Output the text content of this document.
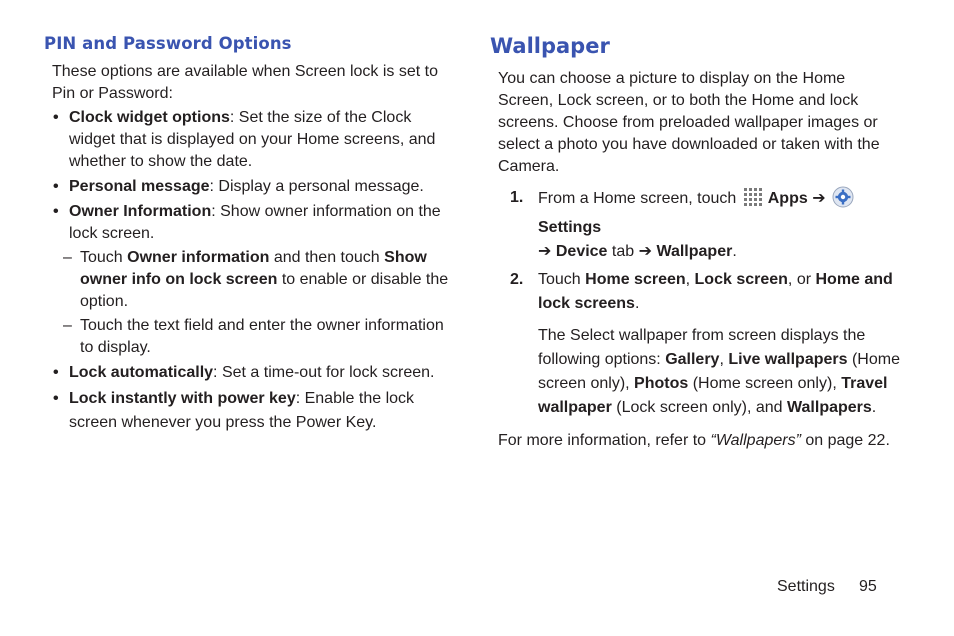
PIN and Password Options
These options are available when Screen lock is set to Pin or Password:
• Clock widget options: Set the size of the Clock widget that is displayed on your Home screens, and whether to show the date.
• Personal message: Display a personal message.
• Owner Information: Show owner information on the lock screen.
– Touch Owner information and then touch Show owner info on lock screen to enable or disable the option.
– Touch the text field and enter the owner information to display.
• Lock automatically: Set a time-out for lock screen.
• Lock instantly with power key: Enable the lock screen whenever you press the Power Key.
Wallpaper
You can choose a picture to display on the Home Screen, Lock screen, or to both the Home and lock screens. Choose from preloaded wallpaper images or select a photo you have downloaded or taken with the Camera.
1. From a Home screen, touch Apps ➔ Settings
➔ Device tab ➔ Wallpaper.
2. Touch Home screen, Lock screen, or Home and lock screens.
The Select wallpaper from screen displays the following options: Gallery, Live wallpapers (Home screen only), Photos (Home screen only), Travel wallpaper (Lock screen only), and Wallpapers.
For more information, refer to “Wallpapers” on page 22.
Settings 95
